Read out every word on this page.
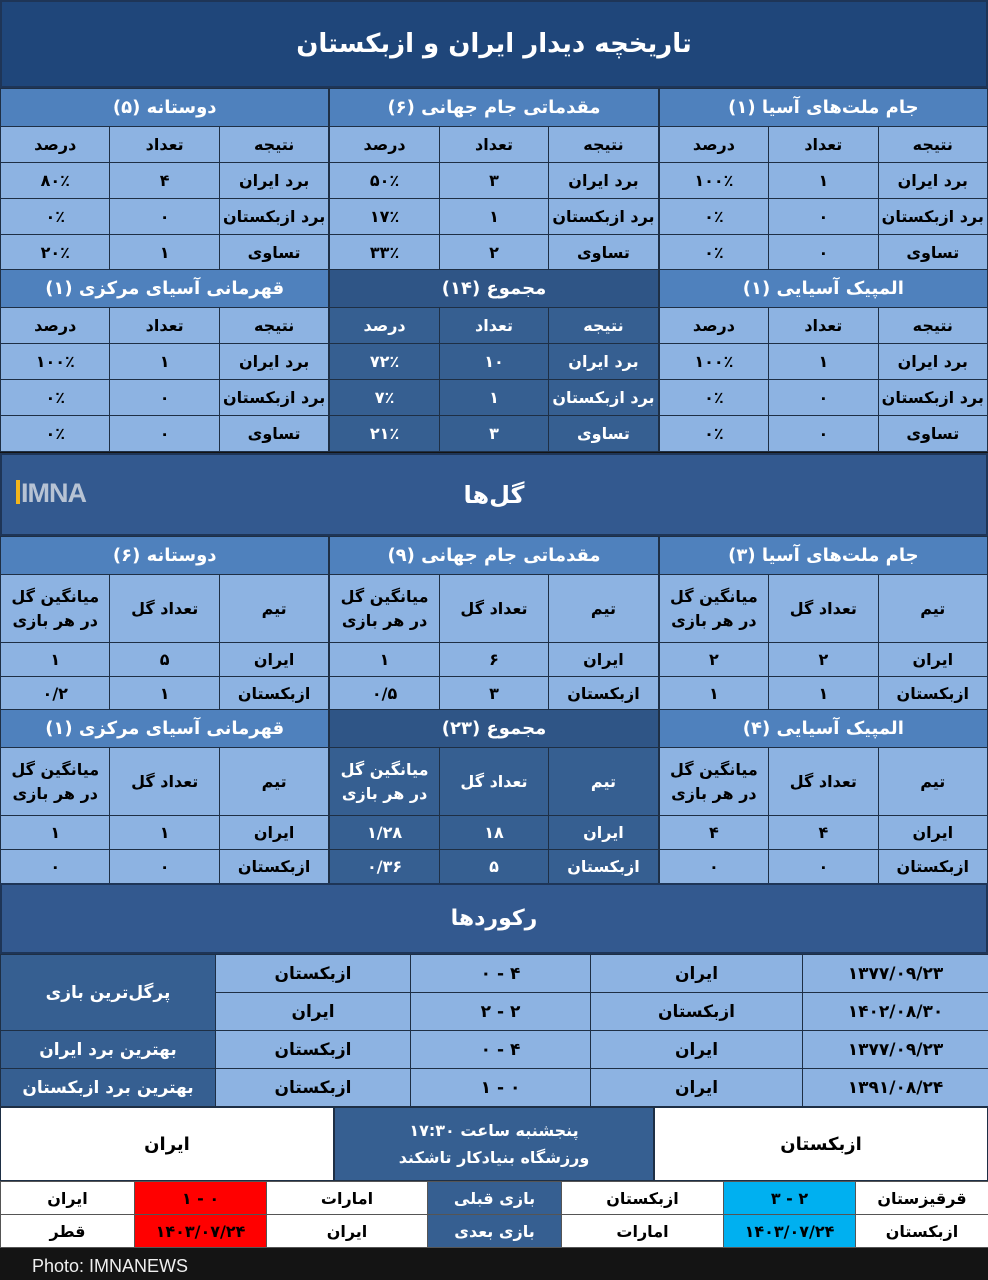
تاریخچه دیدار ایران و ازبکستان
جام ملت‌های آسیا (۱)		
درصد	تعداد	نتیجه
۱۰۰٪	۱	برد ایران
۰٪	۰	برد ازبکستان
۰٪	۰	تساوی
مقدماتی جام جهانی (۶)		
درصد	تعداد	نتیجه
۵۰٪	۳	برد ایران
۱۷٪	۱	برد ازبکستان
۳۳٪	۲	تساوی
دوستانه (۵)		
درصد	تعداد	نتیجه
۸۰٪	۴	برد ایران
۰٪	۰	برد ازبکستان
۲۰٪	۱	تساوی
المپیک آسیایی (۱)		
درصد	تعداد	نتیجه
۱۰۰٪	۱	برد ایران
۰٪	۰	برد ازبکستان
۰٪	۰	تساوی
مجموع (۱۴)		
درصد	تعداد	نتیجه
۷۲٪	۱۰	برد ایران
۷٪	۱	برد ازبکستان
۲۱٪	۳	تساوی
قهرمانی آسیای مرکزی (۱)		
درصد	تعداد	نتیجه
۱۰۰٪	۱	برد ایران
۰٪	۰	برد ازبکستان
۰٪	۰	تساوی
گل‌ها
IMNA
جام ملت‌های آسیا (۳)		
میانگین گل
در هر بازی	تعداد گل	تیم
۲	۲	ایران
۱	۱	ازبکستان
مقدماتی جام جهانی (۹)		
میانگین گل
در هر بازی	تعداد گل	تیم
۱	۶	ایران
۰/۵	۳	ازبکستان
دوستانه (۶)		
میانگین گل
در هر بازی	تعداد گل	تیم
۱	۵	ایران
۰/۲	۱	ازبکستان
المپیک آسیایی (۴)		
میانگین گل
در هر بازی	تعداد گل	تیم
۴	۴	ایران
۰	۰	ازبکستان
مجموع (۲۳)		
میانگین گل
در هر بازی	تعداد گل	تیم
۱/۲۸	۱۸	ایران
۰/۳۶	۵	ازبکستان
قهرمانی آسیای مرکزی (۱)		
میانگین گل
در هر بازی	تعداد گل	تیم
۱	۱	ایران
۰	۰	ازبکستان
رکوردها
پرگل‌ترین بازی	ازبکستان	۴ - ۰	ایران	۱۳۷۷/۰۹/۲۳
	ایران	۲ - ۲	ازبکستان	۱۴۰۲/۰۸/۳۰
بهترین برد ایران	ازبکستان	۴ - ۰	ایران	۱۳۷۷/۰۹/۲۳
بهترین برد ازبکستان	ازبکستان	۰ - ۱	ایران	۱۳۹۱/۰۸/۲۴
ازبکستان
پنجشنبه ساعت ۱۷:۳۰
ورزشگاه بنیادکار تاشکند
ایران
ایران	۰ - ۱	امارات	بازی قبلی	ازبکستان	۲ - ۳	قرقیزستان
قطر	۱۴۰۳/۰۷/۲۴	ایران	بازی بعدی	امارات	۱۴۰۳/۰۷/۲۴	ازبکستان
Photo: IMNANEWS
